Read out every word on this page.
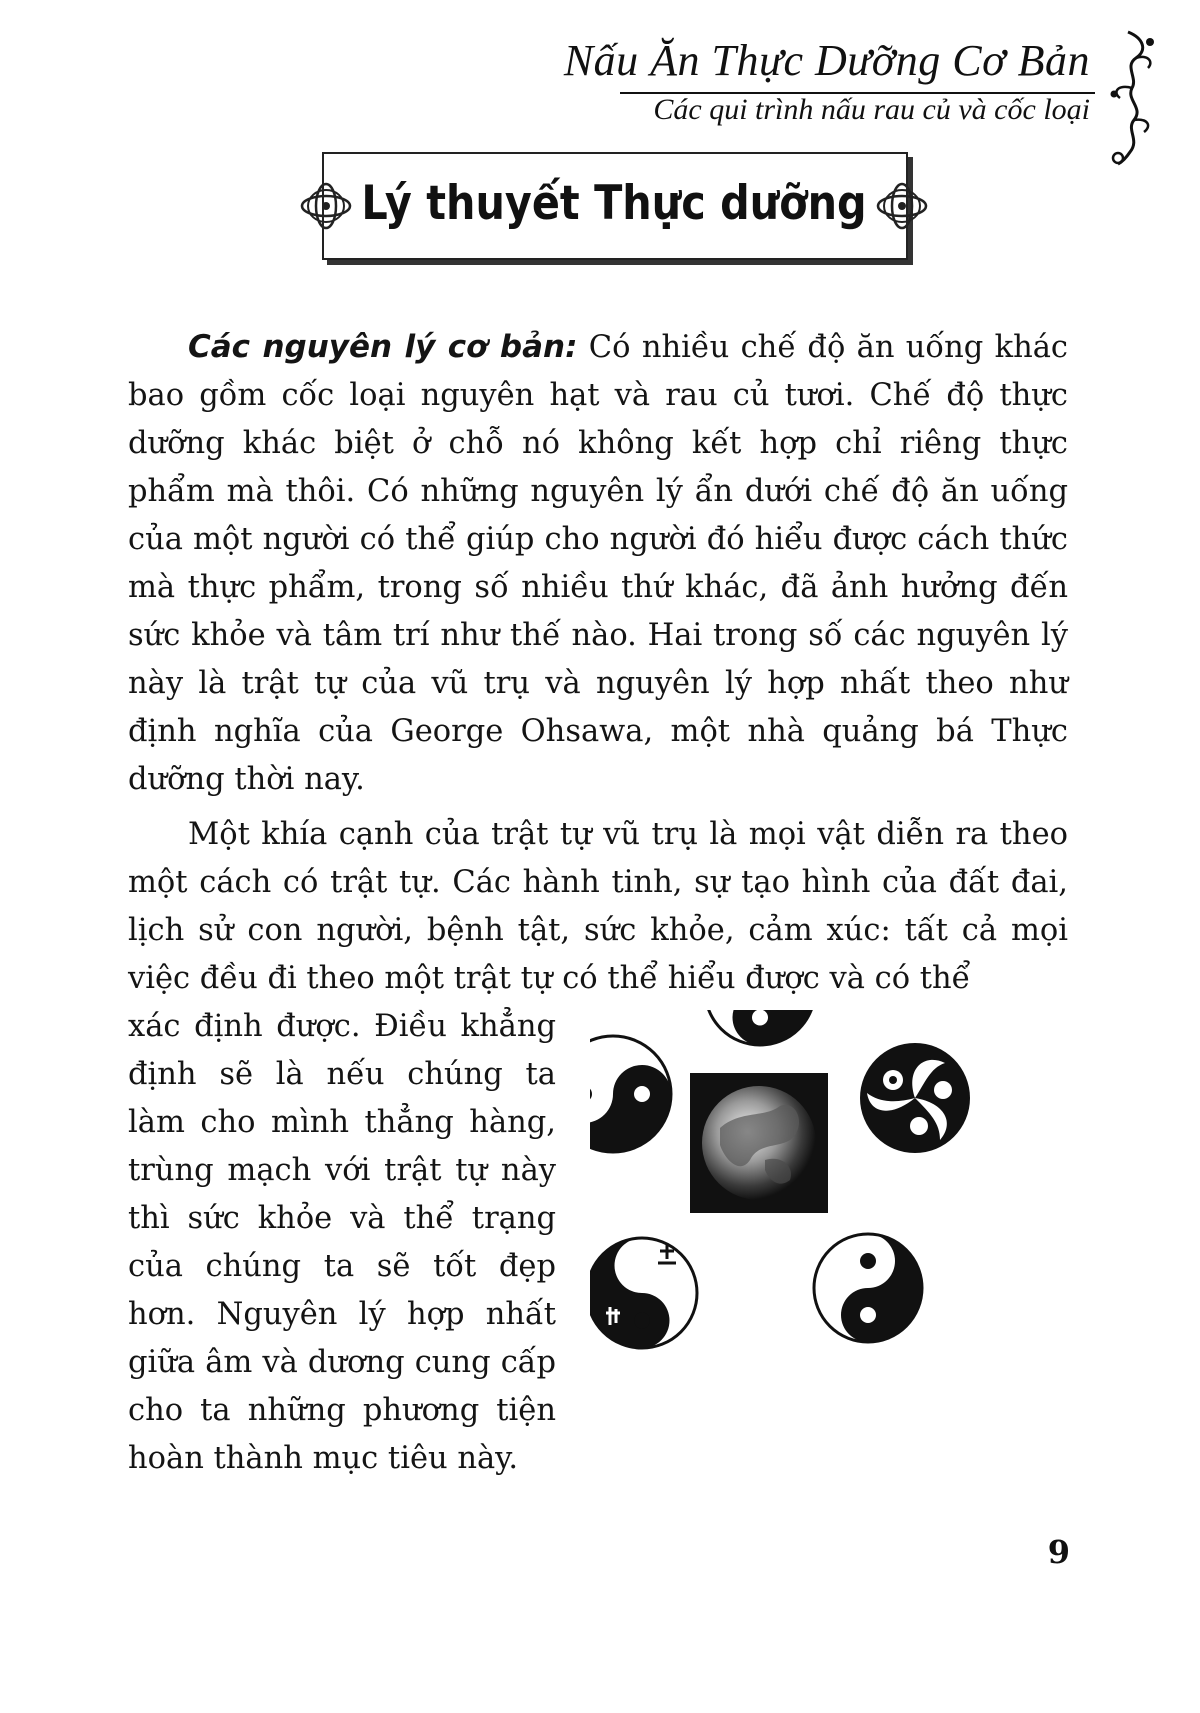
Nấu Ăn Thực Dưỡng Cơ Bản
Các qui trình nấu rau củ và cốc loại
Lý thuyết Thực dưỡng
Các nguyên lý cơ bản: Có nhiều chế độ ăn uống khác bao gồm cốc loại nguyên hạt và rau củ tươi. Chế độ thực dưỡng khác biệt ở chỗ nó không kết hợp chỉ riêng thực phẩm mà thôi. Có những nguyên lý ẩn dưới chế độ ăn uống của một người có thể giúp cho người đó hiểu được cách thức mà thực phẩm, trong số nhiều thứ khác, đã ảnh hưởng đến sức khỏe và tâm trí như thế nào. Hai trong số các nguyên lý này là trật tự của vũ trụ và nguyên lý hợp nhất theo như định nghĩa của George Ohsawa, một nhà quảng bá Thực dưỡng thời nay.
Một khía cạnh của trật tự vũ trụ là mọi vật diễn ra theo một cách có trật tự. Các hành tinh, sự tạo hình của đất đai, lịch sử con người, bệnh tật, sức khỏe, cảm xúc: tất cả mọi việc đều đi theo một trật tự có thể hiểu được và có thể
xác định được. Điều khẳng định sẽ là nếu chúng ta làm cho mình thẳng hàng, trùng mạch với trật tự này thì sức khỏe và thể trạng của chúng ta sẽ tốt đẹp hơn. Nguyên lý hợp nhất giữa âm và dương cung cấp cho ta những phương tiện hoàn thành mục tiêu này.
9
